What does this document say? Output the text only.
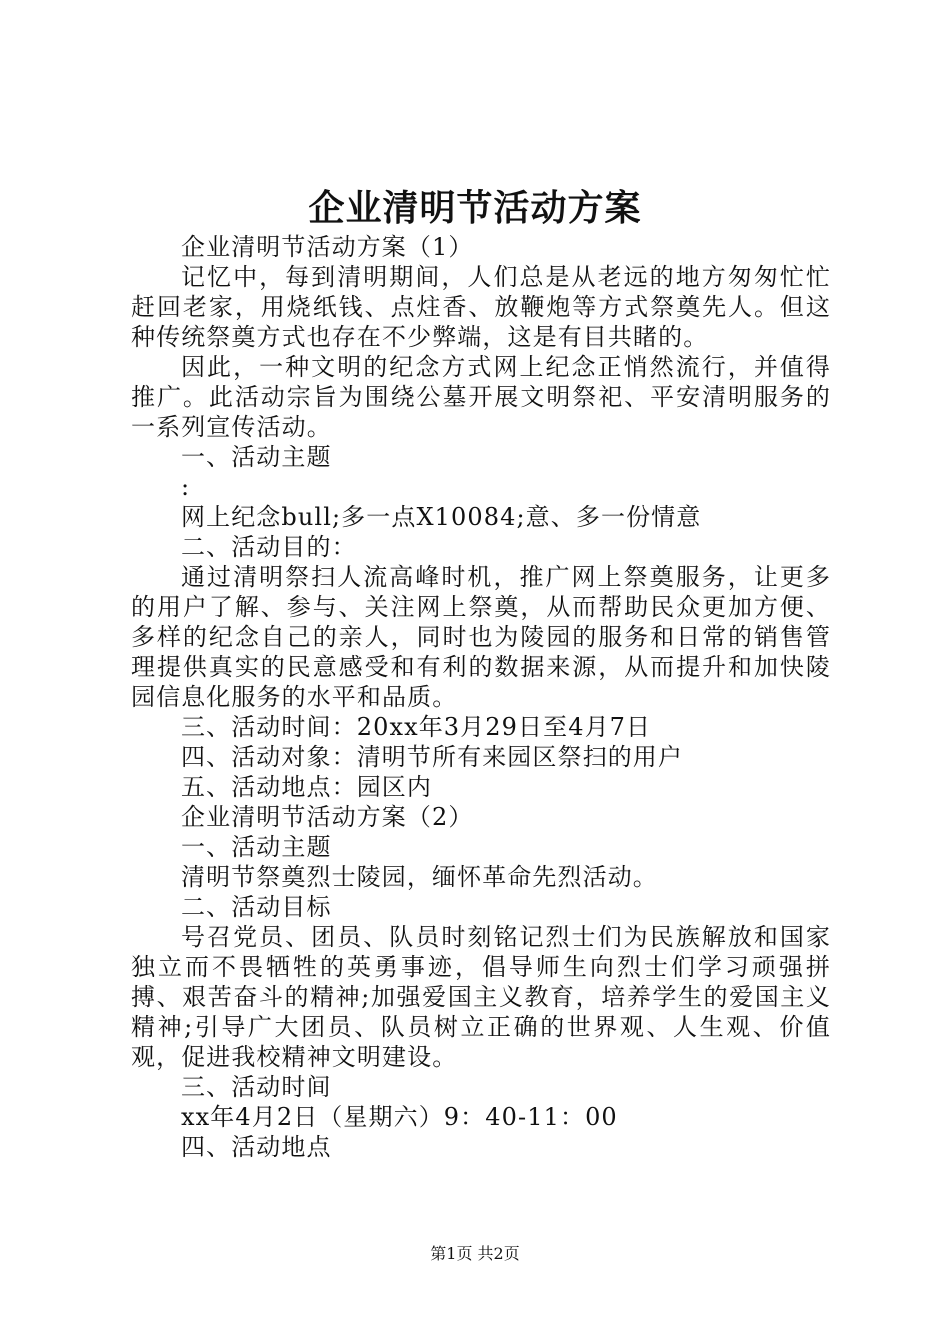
企业清明节活动方案

企业清明节活动方案（1）

记忆中，每到清明期间，人们总是从老远的地方匆匆忙忙赶回老家，用烧纸钱、点炷香、放鞭炮等方式祭奠先人。但这种传统祭奠方式也存在不少弊端，这是有目共睹的。

因此，一种文明的纪念方式网上纪念正悄然流行，并值得推广。此活动宗旨为围绕公墓开展文明祭祀、平安清明服务的一系列宣传活动。

一、活动主题

:

网上纪念bull;多一点X10084;意、多一份情意

二、活动目的：

通过清明祭扫人流高峰时机，推广网上祭奠服务，让更多的用户了解、参与、关注网上祭奠，从而帮助民众更加方便、多样的纪念自己的亲人，同时也为陵园的服务和日常的销售管理提供真实的民意感受和有利的数据来源，从而提升和加快陵园信息化服务的水平和品质。

三、活动时间：20xx年3月29日至4月7日

四、活动对象：清明节所有来园区祭扫的用户

五、活动地点：园区内

企业清明节活动方案（2）

一、活动主题

清明节祭奠烈士陵园，缅怀革命先烈活动。

二、活动目标

号召党员、团员、队员时刻铭记烈士们为民族解放和国家独立而不畏牺牲的英勇事迹，倡导师生向烈士们学习顽强拼搏、艰苦奋斗的精神;加强爱国主义教育，培养学生的爱国主义精神;引导广大团员、队员树立正确的世界观、人生观、价值观，促进我校精神文明建设。

三、活动时间

xx年4月2日（星期六）9：40-11：00

四、活动地点

第1页 共2页
